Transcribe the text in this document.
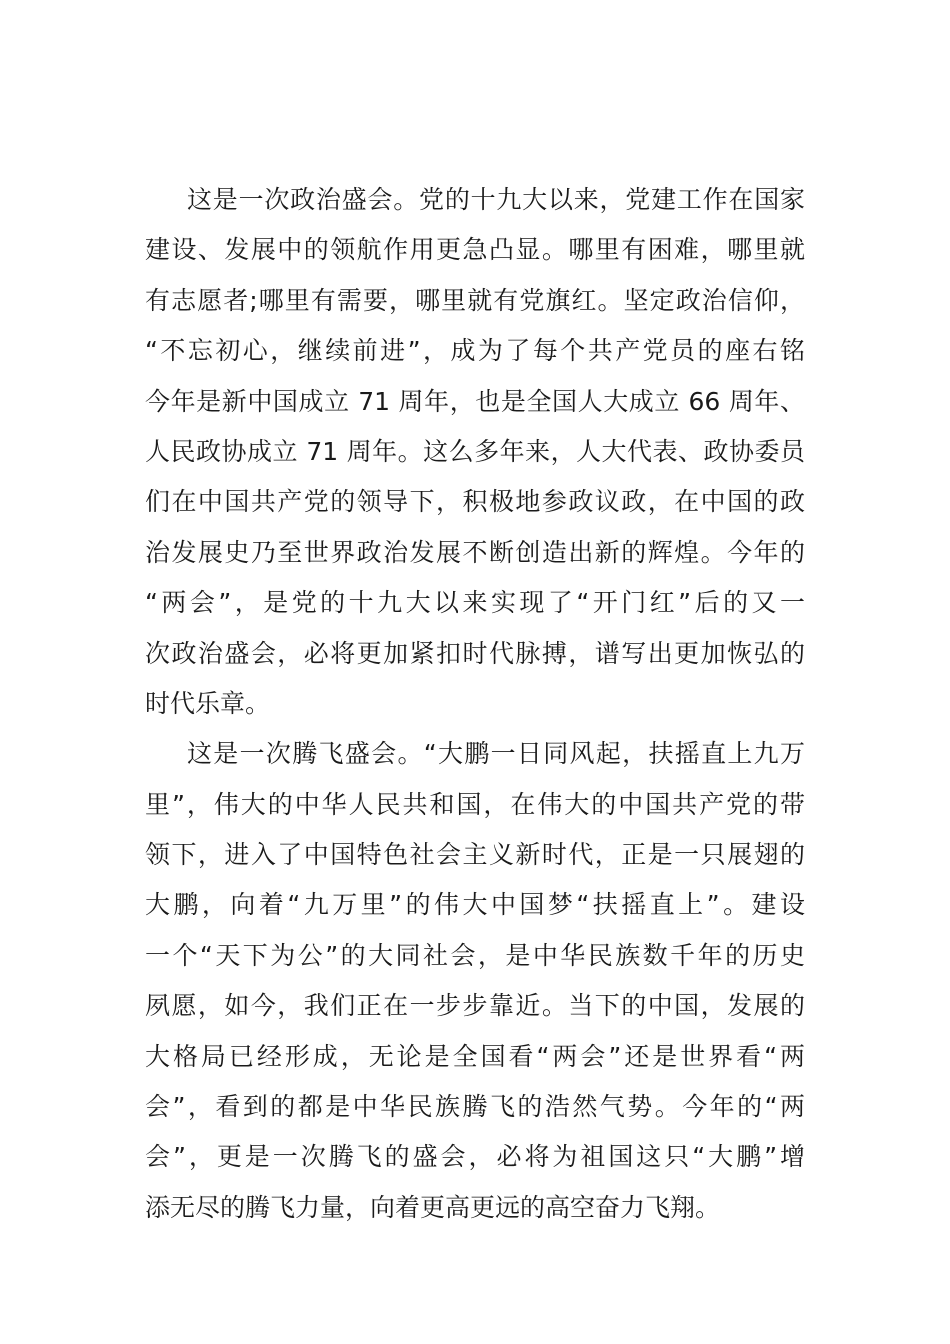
这是一次政治盛会。党的十九大以来，党建工作在国家
建设、发展中的领航作用更急凸显。哪里有困难，哪里就
有志愿者;哪里有需要，哪里就有党旗红。坚定政治信仰，
“不忘初心，继续前进”，成为了每个共产党员的座右铭
今年是新中国成立 71 周年，也是全国人大成立 66 周年、
人民政协成立 71 周年。这么多年来，人大代表、政协委员
们在中国共产党的领导下，积极地参政议政，在中国的政
治发展史乃至世界政治发展不断创造出新的辉煌。今年的
“两会”，是党的十九大以来实现了“开门红”后的又一
次政治盛会，必将更加紧扣时代脉搏，谱写出更加恢弘的
时代乐章。
这是一次腾飞盛会。“大鹏一日同风起，扶摇直上九万
里”，伟大的中华人民共和国，在伟大的中国共产党的带
领下，进入了中国特色社会主义新时代，正是一只展翅的
大鹏，向着“九万里”的伟大中国梦“扶摇直上”。建设
一个“天下为公”的大同社会，是中华民族数千年的历史
夙愿，如今，我们正在一步步靠近。当下的中国，发展的
大格局已经形成，无论是全国看“两会”还是世界看“两
会”，看到的都是中华民族腾飞的浩然气势。今年的“两
会”，更是一次腾飞的盛会，必将为祖国这只“大鹏”增
添无尽的腾飞力量，向着更高更远的高空奋力飞翔。
